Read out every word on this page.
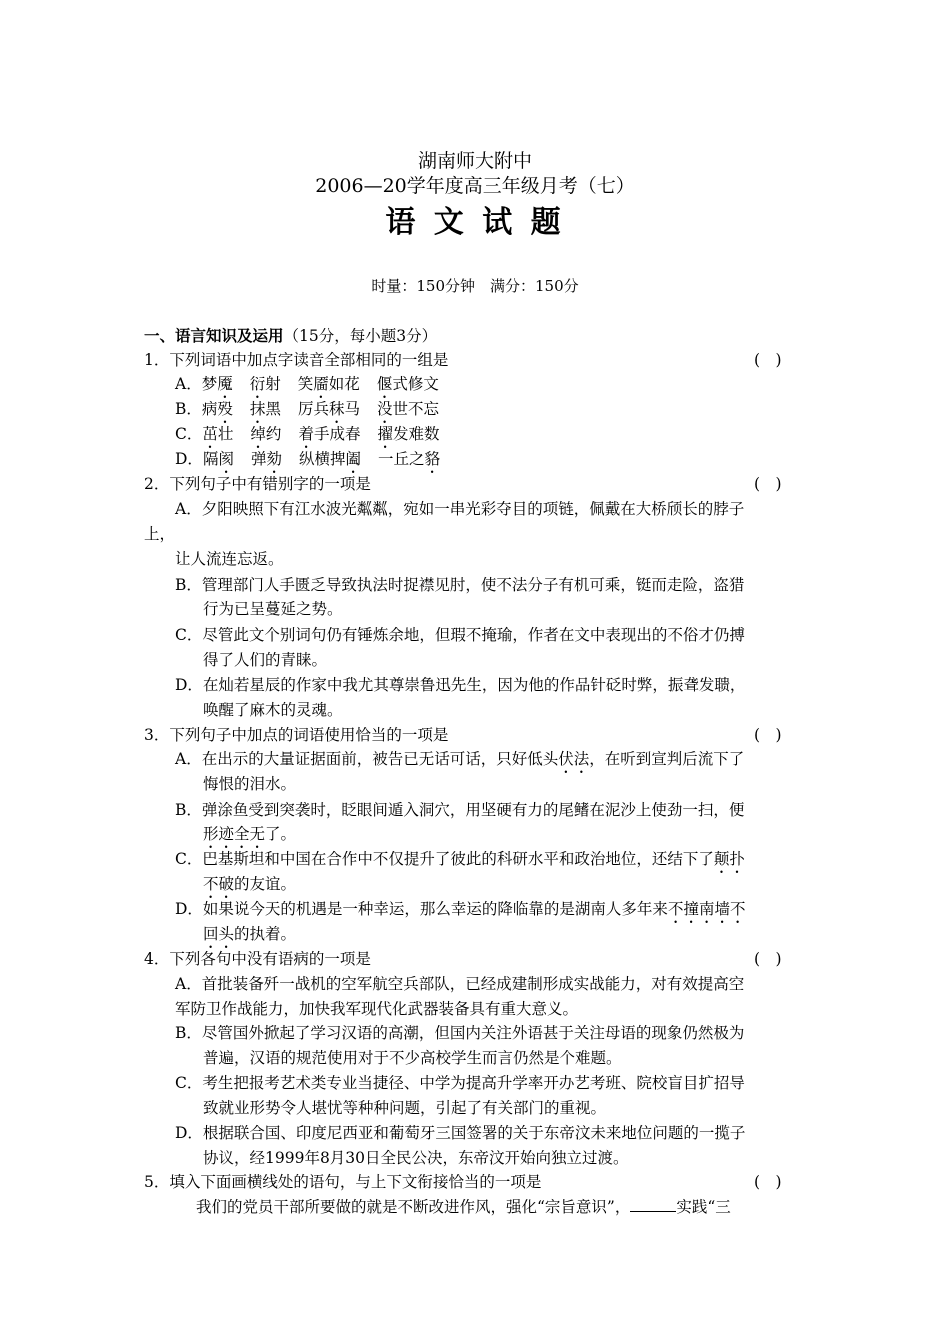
湖南师大附中
2006—20学年度高三年级月考（七）
语 文 试 题
时量：150分钟　满分：150分
一、语言知识及运用（15分，每小题3分）
1．下列词语中加点字读音全部相同的一组是	(　)
A．梦魇 衍射 笑靥如花 偃式修文
B．病殁 抹黑 厉兵秣马 没世不忘
C．茁壮 绰约 着手成春 擢发难数
D．隔阂 弹劾 纵横捭阖 一丘之貉
2．下列句子中有错别字的一项是	(　)
A．夕阳映照下有江水波光粼粼，宛如一串光彩夺目的项链，佩戴在大桥颀长的脖子
上，
让人流连忘返。
B．管理部门人手匮乏导致执法时捉襟见肘，使不法分子有机可乘，铤而走险，盗猎
行为已呈蔓延之势。
C．尽管此文个别词句仍有锤炼余地，但瑕不掩瑜，作者在文中表现出的不俗才仍搏
得了人们的青睐。
D．在灿若星辰的作家中我尤其尊崇鲁迅先生，因为他的作品针砭时弊，振聋发聩，
唤醒了麻木的灵魂。
3．下列句子中加点的词语使用恰当的一项是	(　)
A．在出示的大量证据面前，被告已无话可话，只好低头伏法，在听到宣判后流下了
悔恨的泪水。
B．弹涂鱼受到突袭时，眨眼间遁入洞穴，用坚硬有力的尾鳍在泥沙上使劲一扫，便
形迹全无了。
C．巴基斯坦和中国在合作中不仅提升了彼此的科研水平和政治地位，还结下了颠扑
不破的友谊。
D．如果说今天的机遇是一种幸运，那么幸运的降临靠的是湖南人多年来不撞南墙不
回头的执着。
4．下列各句中没有语病的一项是	(　)
A．首批装备歼一战机的空军航空兵部队，已经成建制形成实战能力，对有效提高空
军防卫作战能力，加快我军现代化武器装备具有重大意义。
B．尽管国外掀起了学习汉语的高潮，但国内关注外语甚于关注母语的现象仍然极为
普遍，汉语的规范使用对于不少高校学生而言仍然是个难题。
C．考生把报考艺术类专业当捷径、中学为提高升学率开办艺考班、院校盲目扩招导
致就业形势令人堪忧等种种问题，引起了有关部门的重视。
D．根据联合国、印度尼西亚和葡萄牙三国签署的关于东帝汶未来地位问题的一揽子
协议，经1999年8月30日全民公决，东帝汶开始向独立过渡。
5．填入下面画横线处的语句，与上下文衔接恰当的一项是	(　)
我们的党员干部所要做的就是不断改进作风，强化“宗旨意识”，	实践“三
